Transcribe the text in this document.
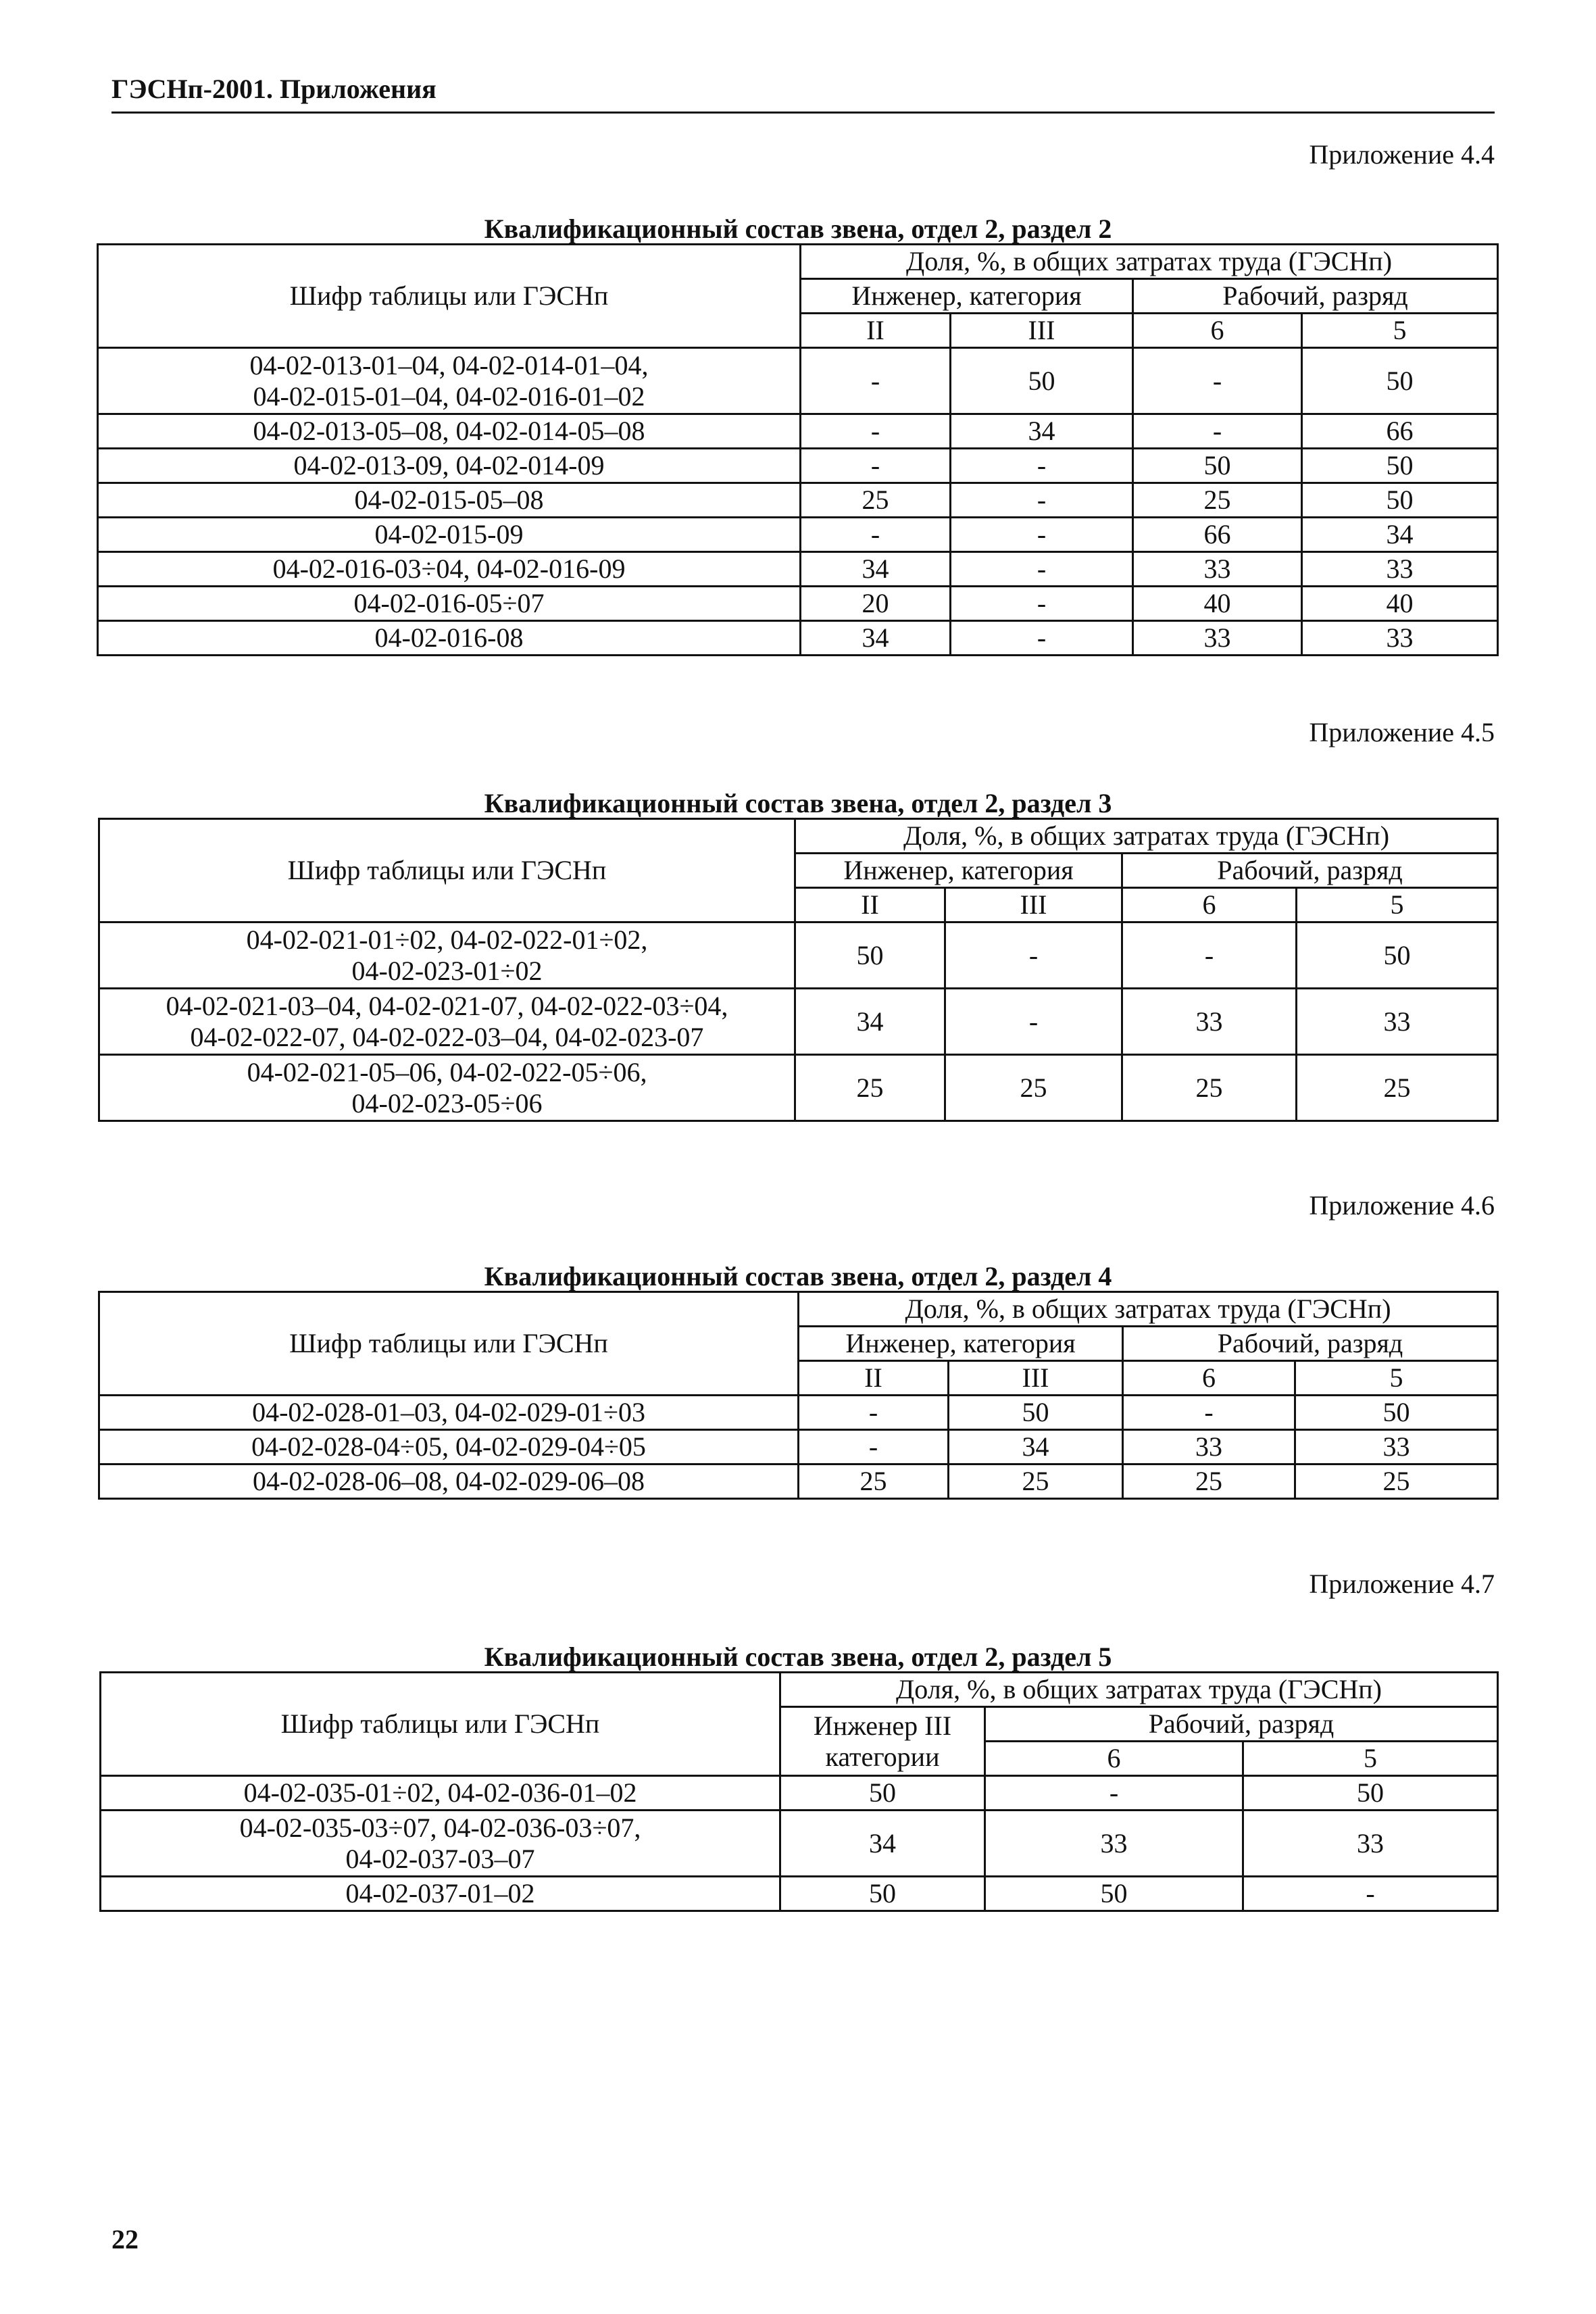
ГЭСНп-2001. Приложения
Приложение 4.4
Квалификационный состав звена, отдел 2, раздел 2
Шифр таблицы или ГЭСНп	Доля, %, в общих затратах труда (ГЭСНп)			
	Инженер, категория		Рабочий, разряд	
	II	III	6	5

04-02-013-01–04, 04-02-014-01–04,
04-02-015-01–04, 04-02-016-01–02	-	50	-	50

04-02-013-05–08, 04-02-014-05–08	-	34	-	66

04-02-013-09, 04-02-014-09	-	-	50	50

04-02-015-05–08	25	-	25	50

04-02-015-09	-	-	66	34

04-02-016-03÷04, 04-02-016-09	34	-	33	33

04-02-016-05÷07	20	-	40	40

04-02-016-08	34	-	33	33
Приложение 4.5
Квалификационный состав звена, отдел 2, раздел 3
Шифр таблицы или ГЭСНп	Доля, %, в общих затратах труда (ГЭСНп)			
	Инженер, категория		Рабочий, разряд	
	II	III	6	5

04-02-021-01÷02, 04-02-022-01÷02,
04-02-023-01÷02	50	-	-	50

04-02-021-03–04, 04-02-021-07, 04-02-022-03÷04,
04-02-022-07, 04-02-022-03–04, 04-02-023-07	34	-	33	33

04-02-021-05–06, 04-02-022-05÷06,
04-02-023-05÷06	25	25	25	25
Приложение 4.6
Квалификационный состав звена, отдел 2, раздел 4
Шифр таблицы или ГЭСНп	Доля, %, в общих затратах труда (ГЭСНп)			
	Инженер, категория		Рабочий, разряд	
	II	III	6	5

04-02-028-01–03, 04-02-029-01÷03	-	50	-	50

04-02-028-04÷05, 04-02-029-04÷05	-	34	33	33

04-02-028-06–08, 04-02-029-06–08	25	25	25	25
Приложение 4.7
Квалификационный состав звена, отдел 2, раздел 5
Шифр таблицы или ГЭСНп	Доля, %, в общих затратах труда (ГЭСНп)		

	Инженер III
категории	Рабочий, разряд	
		6	5

04-02-035-01÷02, 04-02-036-01–02	50	-	50

04-02-035-03÷07, 04-02-036-03÷07,
04-02-037-03–07	34	33	33

04-02-037-01–02	50	50	-
22
